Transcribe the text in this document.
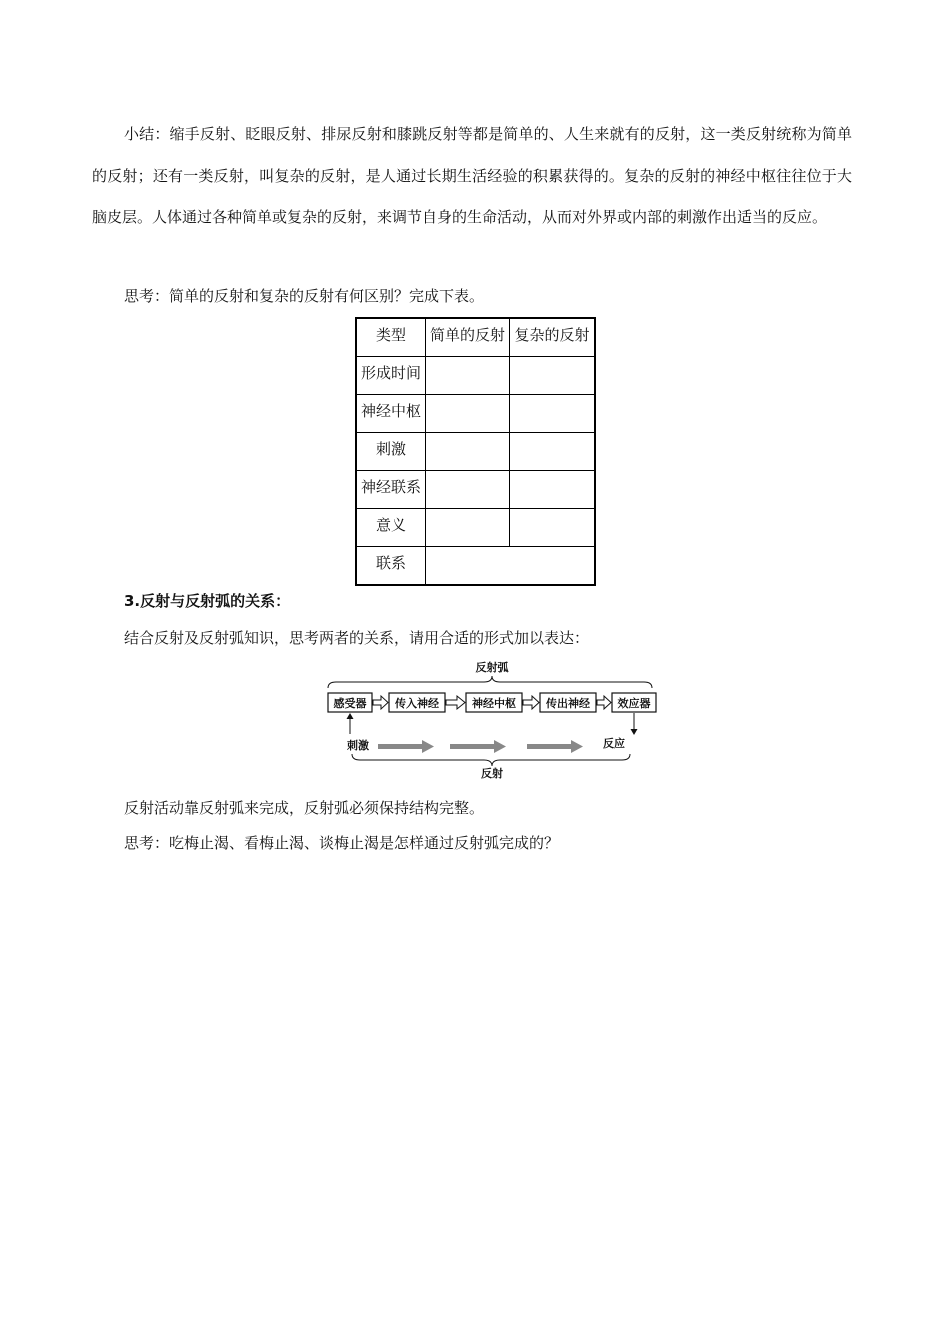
小结：缩手反射、眨眼反射、排尿反射和膝跳反射等都是简单的、人生来就有的反射，这一类反射统称为简单的反射；还有一类反射，叫复杂的反射，是人通过长期生活经验的积累获得的。复杂的反射的神经中枢往往位于大脑皮层。人体通过各种简单或复杂的反射，来调节自身的生命活动，从而对外界或内部的刺激作出适当的反应。
思考：简单的反射和复杂的反射有何区别？完成下表。
类型	简单的反射	复杂的反射
形成时间		
神经中枢		
刺激		
神经联系		
意义		
联系		
3.反射与反射弧的关系：
结合反射及反射弧知识，思考两者的关系，请用合适的形式加以表达：
反射弧
感受器	传入神经	神经中枢	传出神经	效应器
刺激	反应
反射
反射活动靠反射弧来完成，反射弧必须保持结构完整。
思考：吃梅止渴、看梅止渴、谈梅止渴是怎样通过反射弧完成的？
